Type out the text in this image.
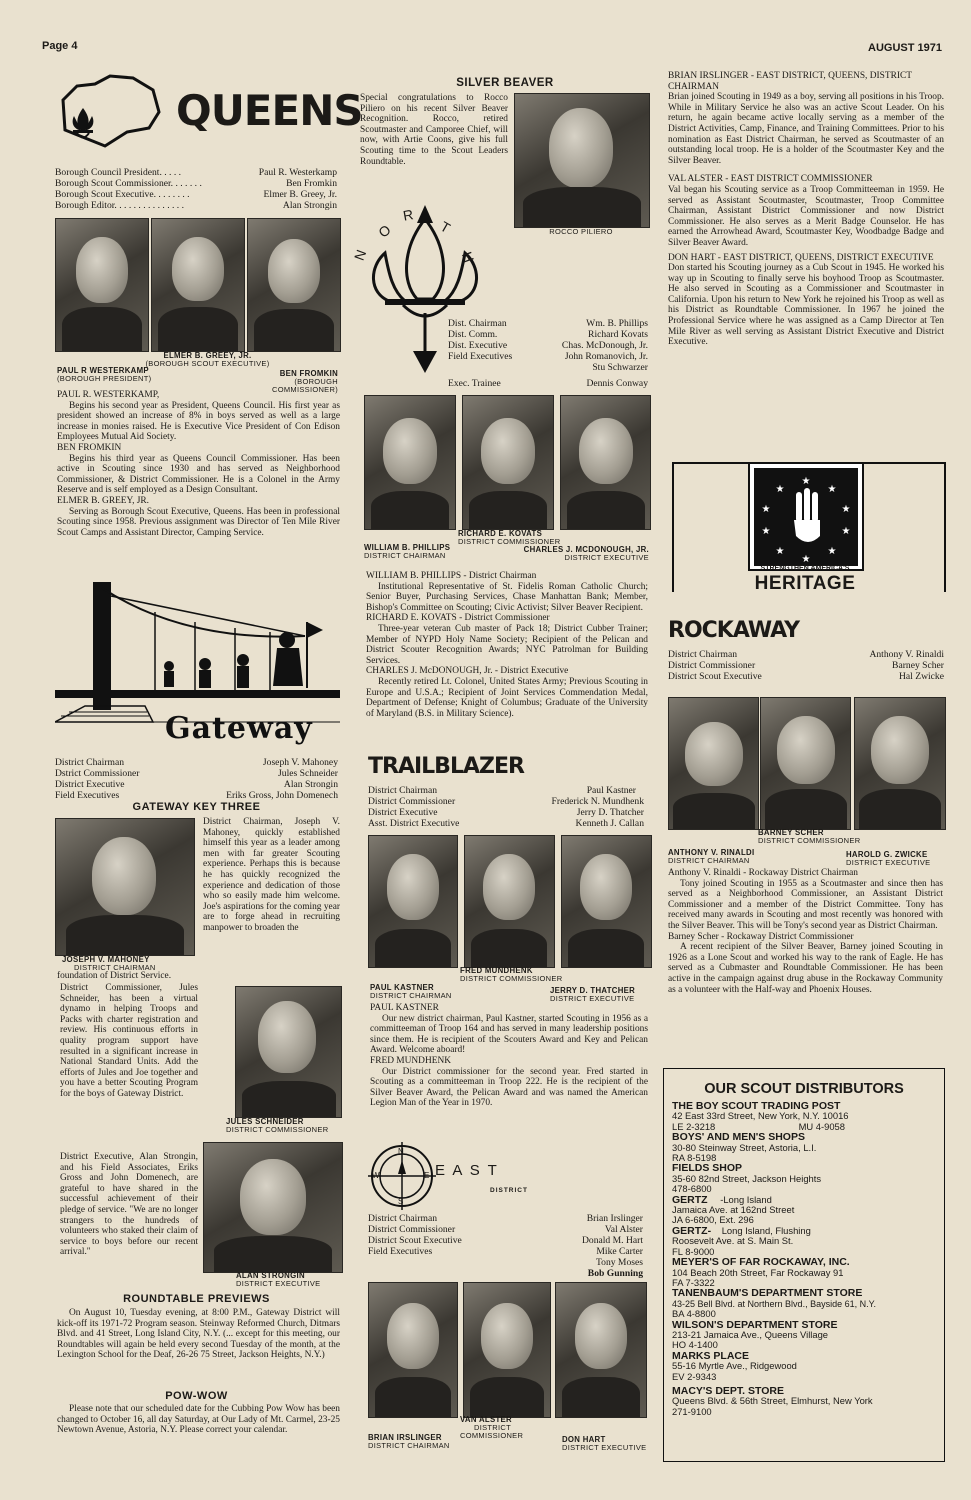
Page 4	AUGUST 1971
QUEENS
Borough Council President. . . . .	Paul R. Westerkamp
Borough Scout Commissioner. . . . . . .	Ben Fromkin
Borough Scout Executive. . . . . . . .	Elmer B. Greey, Jr.
Borough Editor. . . . . . . . . . . . . . .	Alan Strongin
ELMER B. GREEY, JR.
(BOROUGH SCOUT EXECUTIVE)
PAUL R WESTERKAMP
(BOROUGH PRESIDENT)
BEN FROMKIN
(BOROUGH COMMISSIONER)

PAUL R. WESTERKAMP,

Begins his second year as President, Queens Council. His first year as president showed an increase of 8% in boys served as well as a large increase in monies raised. He is Executive Vice President of Con Edison Employees Mutual Aid Society.

BEN FROMKIN

Begins his third year as Queens Council Commissioner. Has been active in Scouting since 1930 and has served as Neighborhood Commissioner, & District Commissioner. He is a Colonel in the Army Reserve and is self employed as a Design Consultant.

ELMER B. GREEY, JR.

Serving as Borough Scout Executive, Queens. Has been in professional Scouting since 1958. Previous assignment was Director of Ten Mile River Scout Camps and Assistant Director, Camping Service.

Gateway
District Chairman	Joseph V. Mahoney
Dstrict Commissioner	Jules Schneider
District Executive	Alan Strongin
Field Executives	Eriks Gross, John Domenech
GATEWAY KEY THREE
JOSEPH V. MAHONEY
DISTRICT CHAIRMAN
District Chairman, Joseph V. Mahoney, quickly established himself this year as a leader among men with far greater Scouting experience. Perhaps this is because he has quickly recognized the experience and dedication of those who so easily made him welcome. Joe's aspirations for the coming year are to forge ahead in recruiting manpower to broaden the
foundation of District Service.
District Commissioner, Jules Schneider, has been a virtual dynamo in helping Troops and Packs with charter registration and review. His continuous efforts in quality program support have resulted in a significant increase in National Standard Units. Add the efforts of Jules and Joe together and you have a better Scouting Program for the boys of Gateway District.
JULES SCHNEIDER
DISTRICT COMMISSIONER
District Executive, Alan Strongin, and his Field Associates, Eriks Gross and John Domenech, are grateful to have shared in the successful achievement of their pledge of service. "We are no longer strangers to the hundreds of volunteers who staked their claim of service to boys before our recent arrival."
ALAN STRONGIN
DISTRICT EXECUTIVE
ROUNDTABLE PREVIEWS
On August 10, Tuesday evening, at 8:00 P.M., Gateway District will kick-off its 1971-72 Program season. Steinway Reformed Church, Ditmars Blvd. and 41 Street, Long Island City, N.Y. (... except for this meeting, our Roundtables will again be held every second Tuesday of the month, at the Lexington School for the Deaf, 26-26 75 Street, Jackson Heights, N.Y.)
POW-WOW
Please note that our scheduled date for the Cubbing Pow Wow has been changed to October 16, all day Saturday, at Our Lady of Mt. Carmel, 23-25 Newtown Avenue, Astoria, N.Y. Please correct your calendar.
SILVER BEAVER
Special congratulations to Rocco Piliero on his recent Silver Beaver Recognition. Rocco, retired Scoutmaster and Camporee Chief, will now, with Artie Coons, give his full Scouting time to the Scout Leaders Roundtable.
ROCCO PILIERO
N
O
R
T
H
Dist. Chairman	Wm. B. Phillips
Dist. Comm.	Richard Kovats
Dist. Executive	Chas. McDonough, Jr.
Field Executives	John Romanovich, Jr.
Stu Schwarzer
Exec. Trainee	Dennis Conway
RICHARD E. KOVATS
DISTRICT COMMISSIONER
WILLIAM B. PHILLIPS
DISTRICT CHAIRMAN
CHARLES J. MCDONOUGH, JR.
DISTRICT EXECUTIVE

WILLIAM B. PHILLIPS - District Chairman

Institutional Representative of St. Fidelis Roman Catholic Church; Senior Buyer, Purchasing Services, Chase Manhattan Bank; Member, Bishop's Committee on Scouting; Civic Activist; Silver Beaver Recipient.

RICHARD E. KOVATS - District Commissioner

Three-year veteran Cub master of Pack 18; District Cubber Trainer; Member of NYPD Holy Name Society; Recipient of the Pelican and District Scouter Recognition Awards; NYC Patrolman for Building Services.

CHARLES J. McDONOUGH, Jr. - District Executive

Recently retired Lt. Colonel, United States Army; Previous Scouting in Europe and U.S.A.; Recipient of Joint Services Commendation Medal, Department of Defense; Knight of Columbus; Graduate of the University of Maryland (B.S. in Military Science).

TRAILBLAZER
District Chairman	Paul Kastner
District Commissioner	Frederick N. Mundhenk
District Executive	Jerry D. Thatcher
Asst. District Executive	Kenneth J. Callan
FRED MUNDHENK
DISTRICT COMMISSIONER
PAUL KASTNER
DISTRICT CHAIRMAN
JERRY D. THATCHER
DISTRICT EXECUTIVE

PAUL KASTNER

Our new district chairman, Paul Kastner, started Scouting in 1956 as a committeeman of Troop 164 and has served in many leadership positions since them. He is recipient of the Scouters Award and Key and Pelican Award. Welcome aboard!

FRED MUNDHENK

Our District commissioner for the second year. Fred started in Scouting as a committeeman in Troop 222. He is the recipient of the Silver Beaver Award, the Pelican Award and was named the American Legion Man of the Year in 1970.

N
E
S
W	E A S T
DISTRICT
District Chairman	Brian Irslinger
District Commissioner	Val Alster
District Scout Executive	Donald M. Hart
Field Executives	Mike Carter
Tony Moses
Bob Gunning
VAN ALSTER
DISTRICT COMMISSIONER
BRIAN IRSLINGER
DISTRICT CHAIRMAN
DON HART
DISTRICT EXECUTIVE

BRIAN IRSLINGER - EAST DISTRICT, QUEENS, DISTRICT CHAIRMAN

Brian joined Scouting in 1949 as a boy, serving all positions in his Troop. While in Military Service he also was an active Scout Leader. On his return, he again became active locally serving as a member of the District Activities, Camp, Finance, and Training Committees. Prior to his nomination as East District Chairman, he served as Scoutmaster of an outstanding local troop. He is a holder of the Scoutmaster Key and the Silver Beaver.

VAL ALSTER - EAST DISTRICT COMMISSIONER

Val began his Scouting service as a Troop Committeeman in 1959. He served as Assistant Scoutmaster, Scoutmaster, Troop Committee Chairman, Assistant District Commissioner and now District Commissioner. He also serves as a Merit Badge Counselor. He has earned the Arrowhead Award, Scoutmaster Key, Woodbadge Badge and Silver Beaver Award.

DON HART - EAST DISTRICT, QUEENS, DISTRICT EXECUTIVE

Don started his Scouting journey as a Cub Scout in 1945. He worked his way up in Scouting to finally serve his boyhood Troop as Scoutmaster. He also served in Scouting as a Commissioner and Scoutmaster in California. Upon his return to New York he rejoined his Troop as well as his District as Roundtable Commissioner. In 1967 he joined the Professional Service where he was assigned as a Camp Director at Ten Mile River as well serving as Assistant District Executive and District Executive.

★
★	★
★	★
★	★
★	★
★
STRENGTHEN AMERICA'S
HERITAGE
ROCKAWAY
District Chairman	Anthony V. Rinaldi
District Commissioner	Barney Scher
District Scout Executive	Hal Zwicke
BARNEY SCHER
DISTRICT COMMISSIONER
ANTHONY V. RINALDI
DISTRICT CHAIRMAN
HAROLD G. ZWICKE
DISTRICT EXECUTIVE

Anthony V. Rinaldi - Rockaway District Chairman

Tony joined Scouting in 1955 as a Scoutmaster and since then has served as a Neighborhood Commissioner, an Assistant District Commissioner and a member of the District Committee. Tony has received many awards in Scouting and most recently was honored with the Silver Beaver. This will be Tony's second year as District Chairman.

Barney Scher - Rockaway District Commissioner

A recent recipient of the Silver Beaver, Barney joined Scouting in 1926 as a Lone Scout and worked his way to the rank of Eagle. He has served as a Cubmaster and Roundtable Commissioner. He has been active in the campaign against drug abuse in the Rockaway Community as a volunteer with the Half-way and Phoenix Houses.

OUR SCOUT DISTRIBUTORS
THE BOY SCOUT TRADING POST
42 East 33rd Street, New York, N.Y. 10016
LE 2-3218                                MU 4-9058
BOYS' AND MEN'S SHOPS
30-80 Steinway Street, Astoria, L.I.
RA 8-5198
FIELDS SHOP
35-60 82nd Street, Jackson Heights
478-6800
GERTZ -Long Island
Jamaica Ave. at 162nd Street
JA 6-6800, Ext. 296
GERTZ- Long Island, Flushing
Roosevelt Ave. at S. Main St.
FL 8-9000
MEYER'S OF FAR ROCKAWAY, INC.
104 Beach 20th Street, Far Rockaway 91
FA 7-3322
TANENBAUM'S DEPARTMENT STORE
43-25 Bell Blvd. at Northern Blvd., Bayside 61, N.Y.
BA 4-8800
WILSON'S DEPARTMENT STORE
213-21 Jamaica Ave., Queens Village
HO 4-1400
MARKS PLACE
55-16 Myrtle Ave., Ridgewood
EV 2-9343
MACY'S DEPT. STORE
Queens Blvd. & 56th Street, Elmhurst, New York
271-9100
